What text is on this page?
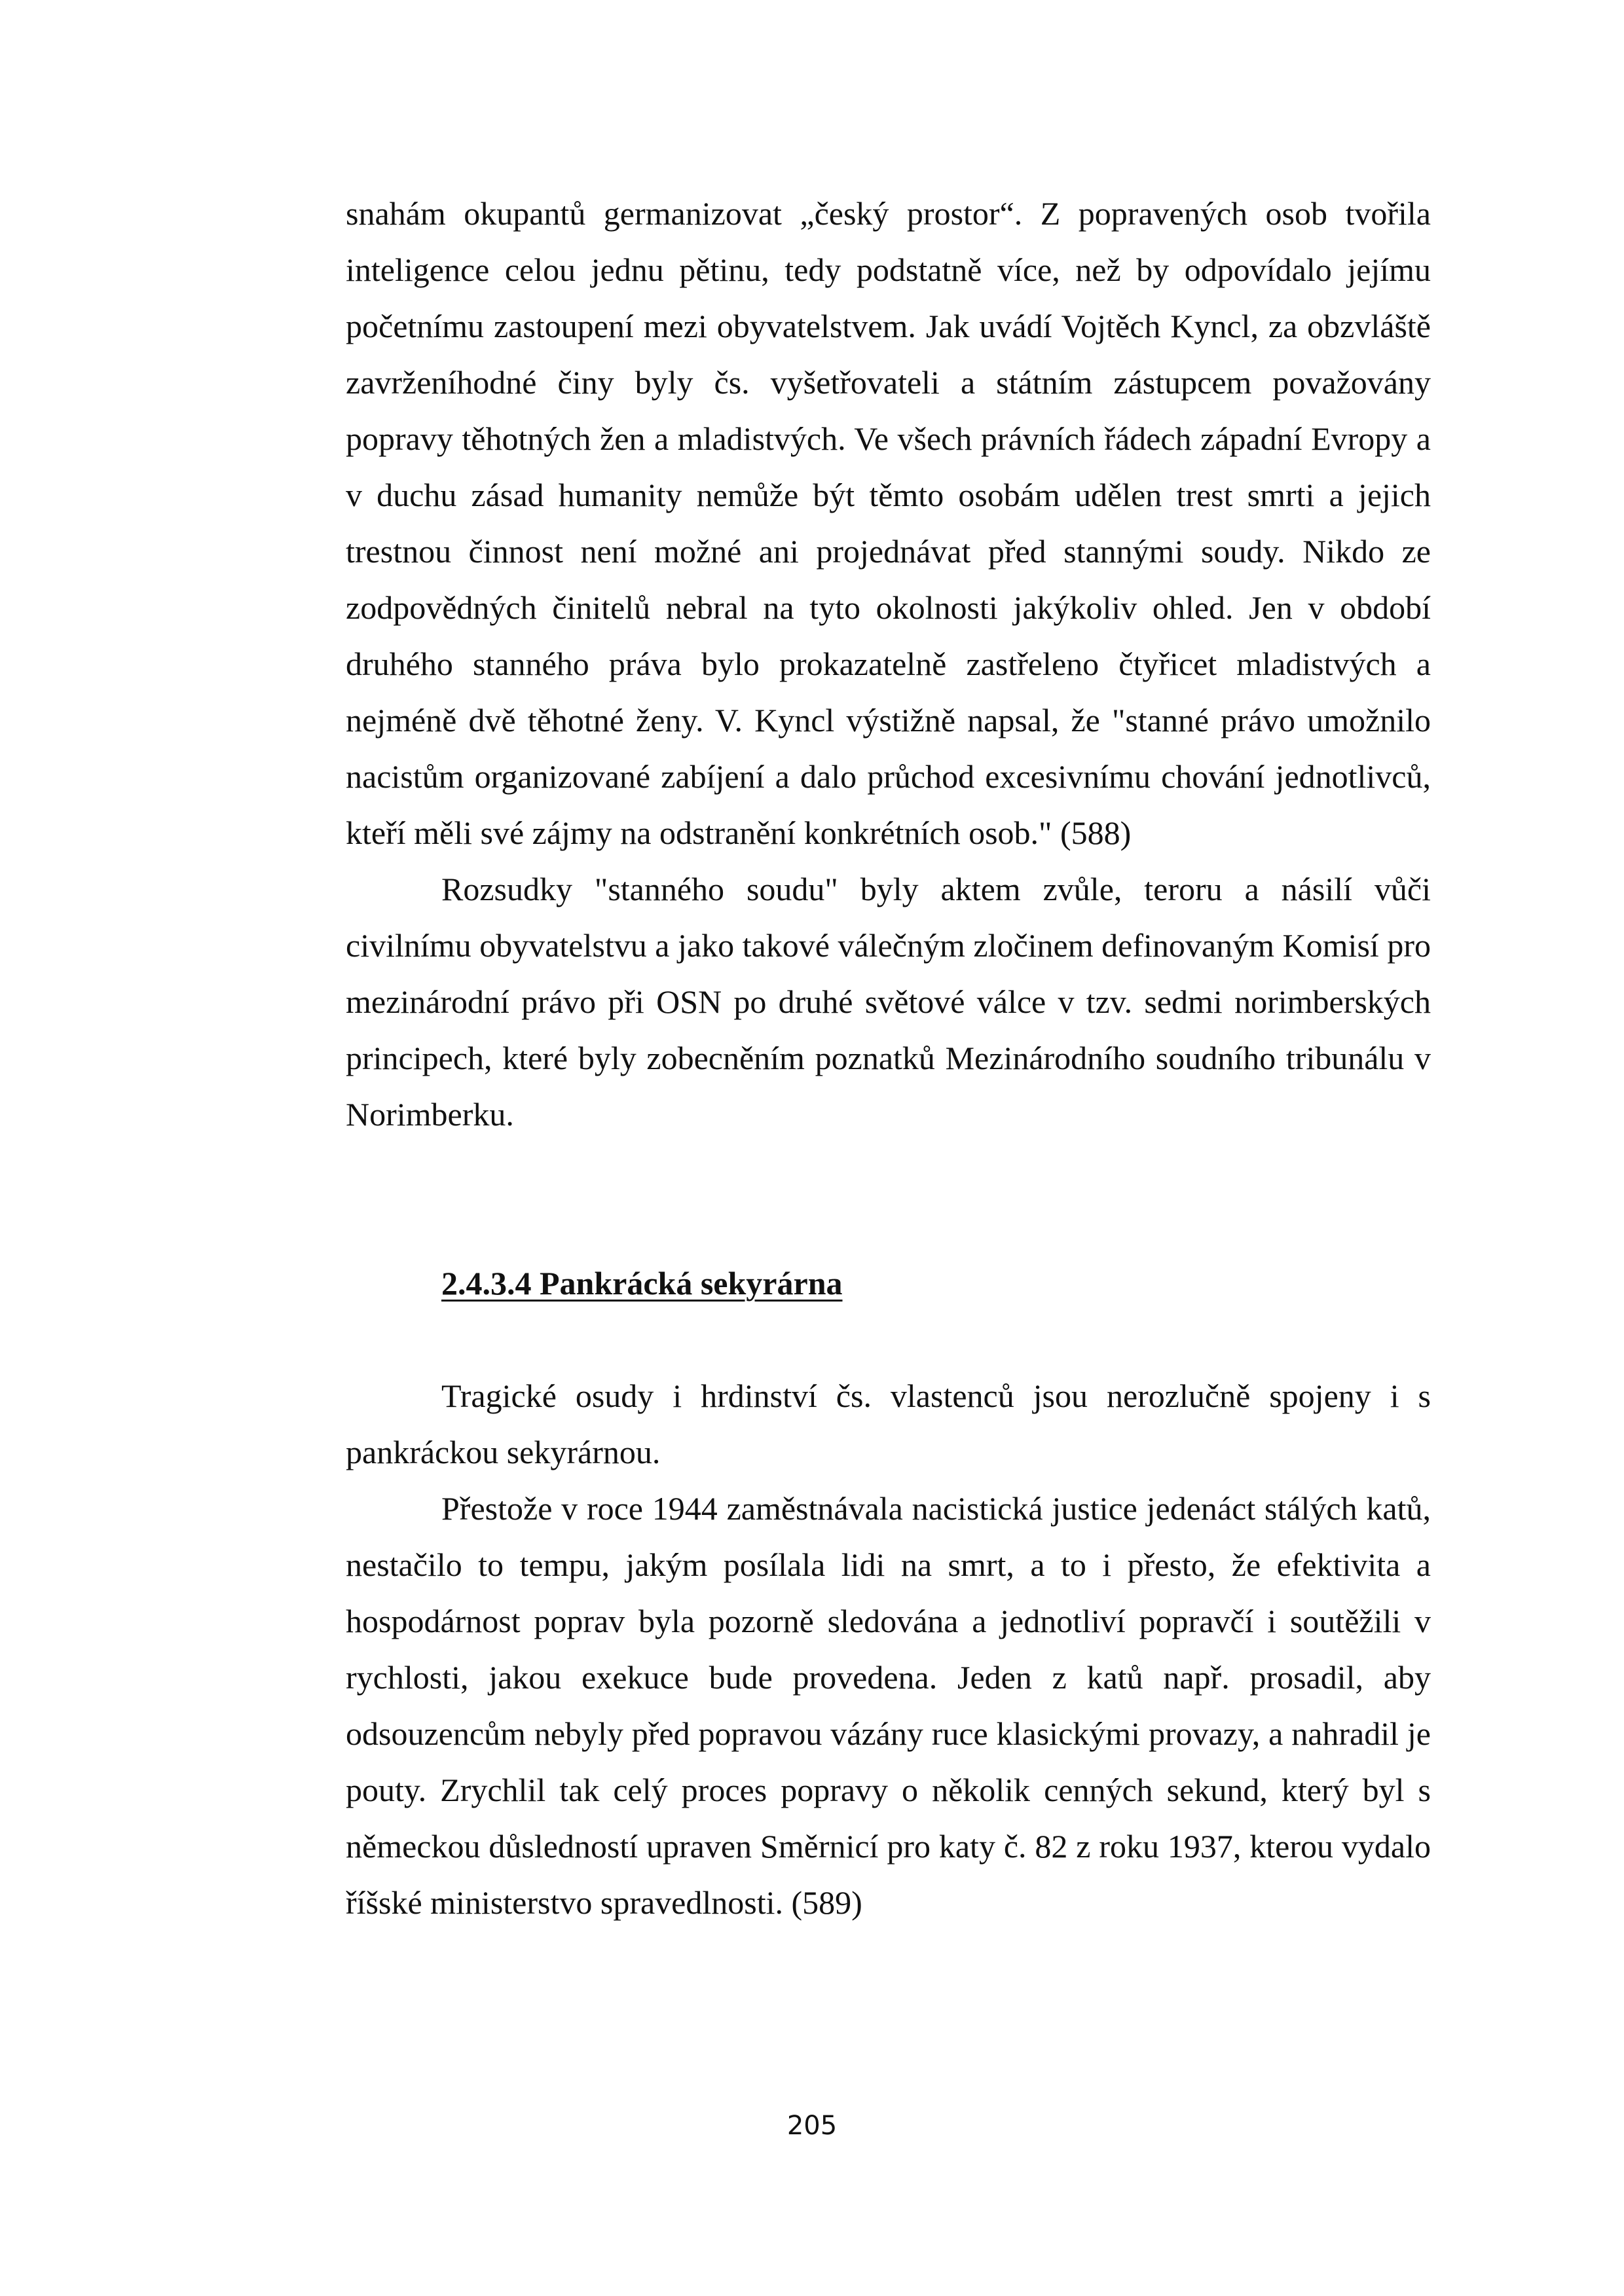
snahám okupantů germanizovat „český prostor“. Z popravených osob tvořila inteligence celou jednu pětinu, tedy podstatně více, než by odpovídalo jejímu početnímu zastoupení mezi obyvatelstvem. Jak uvádí Vojtěch Kyncl, za obzvláště zavrženíhodné činy byly čs. vyšetřovateli a státním zástupcem považovány popravy těhotných žen a mladistvých. Ve všech právních řádech západní Evropy a v duchu zásad humanity nemůže být těmto osobám udělen trest smrti a jejich trestnou činnost není možné ani projednávat před stannými soudy. Nikdo ze zodpovědných činitelů nebral na tyto okolnosti jakýkoliv ohled. Jen v období druhého stanného práva bylo prokazatelně zastřeleno čtyřicet mladistvých a nejméně dvě těhotné ženy. V. Kyncl výstižně napsal, že "stanné právo umožnilo nacistům organizované zabíjení a dalo průchod excesivnímu chování jednotlivců, kteří měli své zájmy na odstranění konkrétních osob." (588)

Rozsudky "stanného soudu" byly aktem zvůle, teroru a násilí vůči civilnímu obyvatelstvu a jako takové válečným zločinem definovaným Komisí pro mezinárodní právo při OSN po druhé světové válce v tzv. sedmi norimberských principech, které byly zobecněním poznatků Mezinárodního soudního tribunálu v Norimberku.

2.4.3.4 Pankrácká sekyrárna

Tragické osudy i hrdinství čs. vlastenců jsou nerozlučně spojeny i s pankráckou sekyrárnou.

Přestože v roce 1944 zaměstnávala nacistická justice jedenáct stálých katů, nestačilo to tempu, jakým posílala lidi na smrt, a to i přesto, že efektivita a hospodárnost poprav byla pozorně sledována a jednotliví popravčí i soutěžili v rychlosti, jakou exekuce bude provedena. Jeden z katů např. prosadil, aby odsouzencům nebyly před popravou vázány ruce klasickými provazy, a nahradil je pouty. Zrychlil tak celý proces popravy o několik cenných sekund, který byl s německou důsledností upraven Směrnicí pro katy č. 82 z roku 1937, kterou vydalo říšské ministerstvo spravedlnosti. (589)

205
